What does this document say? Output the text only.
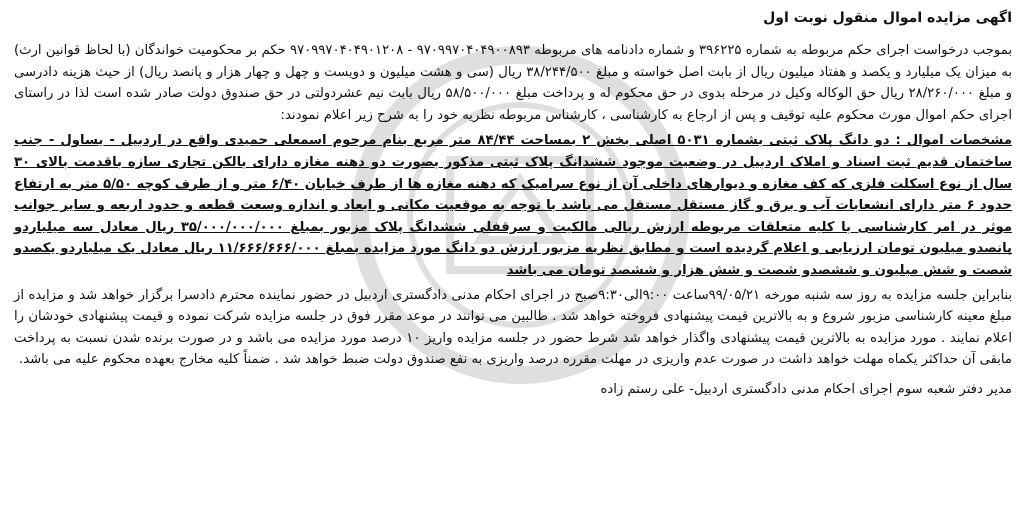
اگهی مزایده اموال منقول نوبت اول

بموجب درخواست اجرای حکم مربوطه به شماره ۳۹۶۲۲۵ و شماره دادنامه های مربوطه ۹۷۰۹۹۷۰۴۰۴۹۰۰۸۹۳ - ۹۷۰۹۹۷۰۴۰۴۹۰۱۲۰۸ حکم بر محکومیت خواندگان (با لحاظ قوانین ارث) به میزان یک میلیارد و یکصد و هفتاد میلیون ریال از بابت اصل خواسته و مبلغ ۳۸/۲۴۴/۵۰۰ ریال (سی و هشت میلیون و دویست و چهل و چهار هزار و پانصد ریال) از حیث هزینه دادرسی و مبلغ ۲۸/۲۶۰/۰۰۰ ریال حق الوکاله وکیل در مرحله بدوی در حق محکوم له و پرداخت مبلغ ۵۸/۵۰۰/۰۰۰ ریال بابت نیم عشردولتی در حق صندوق دولت صادر شده است لذا در راستای اجرای حکم اموال مورث محکوم علیه توقیف و پس از ارجاع به کارشناسی ، کارشناس مربوطه نظریه خود را به شرح زیر اعلام نمودند:

مشخصات اموال : دو دانگ پلاک ثبتی بشماره ۵۰۳۱ اصلی بخش ۲ بمساحت ۸۴/۴۴ متر مربع بنام مرحوم اسمعلی حمیدی واقع در اردبیل - یساول - جنب ساختمان قدیم ثبت اسناد و املاک اردبیل در وضعیت موجود ششدانگ پلاک ثبتی مذکور بصورت دو دهنه مغازه دارای بالکن تجاری سازه باقدمت بالای ۳۰ سال از نوع اسکلت فلزی که کف مغازه و دیوارهای داخلی آن از نوع سرامیک که دهنه مغازه ها از طرف خیابان ۶/۴۰ متر و از طرف کوچه ۵/۵۰ متر به ارتفاع حدود ۶ متر دارای انشعابات آب و برق و گاز مستقل مستقل می باشد با توجه به موقعیت مکانی و ابعاد و اندازه وسعت قطعه و حدود اربعه و سایر جوانب موثر در امر کارشناسی با کلیه متعلقات مربوطه ارزش ریالی مالکیت و سرقفلی ششدانگ پلاک مزبور بمبلغ ۳۵/۰۰۰/۰۰۰/۰۰۰ ریال معادل سه میلیاردو پانصدو میلیون تومان ارزیابی و اعلام گردیده است و مطابق نظریه مزبور ارزش دو دانگ مورد مزایده بمبلغ ۱۱/۶۶۶/۶۶۶/۰۰۰ ریال معادل یک میلیاردو یکصدو شصت و شش میلیون و ششصدو شصت و شش هزار و ششصد تومان می باشد

بنابراین جلسه مزایده به روز سه شنبه مورخه ۹۹/۰۵/۲۱ساعت ۹:۰۰الی۹:۳۰صبح در اجرای احکام مدنی دادگستری اردبیل در حضور نماینده محترم دادسرا برگزار خواهد شد و مزایده از مبلغ معینه کارشناسی مزبور شروع و به بالاترین قیمت پیشنهادی فروخته خواهد شد . طالبین می توانند در موعد مقرر فوق در جلسه مزایده شرکت نموده و قیمت پیشنهادی خودشان را اعلام نمایند . مورد مزایده به بالاترین قیمت پیشنهادی واگذار خواهد شد شرط حضور در جلسه مزایده واریز ۱۰ درصد مورد مزایده می باشد و در صورت برنده شدن نسبت به پرداخت مابقی آن حداکثر یکماه مهلت خواهد داشت در صورت عدم واریزی در مهلت مقرره درصد واریزی به نفع صندوق دولت ضبط خواهد شد . ضمناً کلیه مخارج بعهده محکوم علیه می باشد.

مدیر دفتر شعبه سوم اجرای احکام مدنی دادگستری اردبیل- علی رستم زاده
